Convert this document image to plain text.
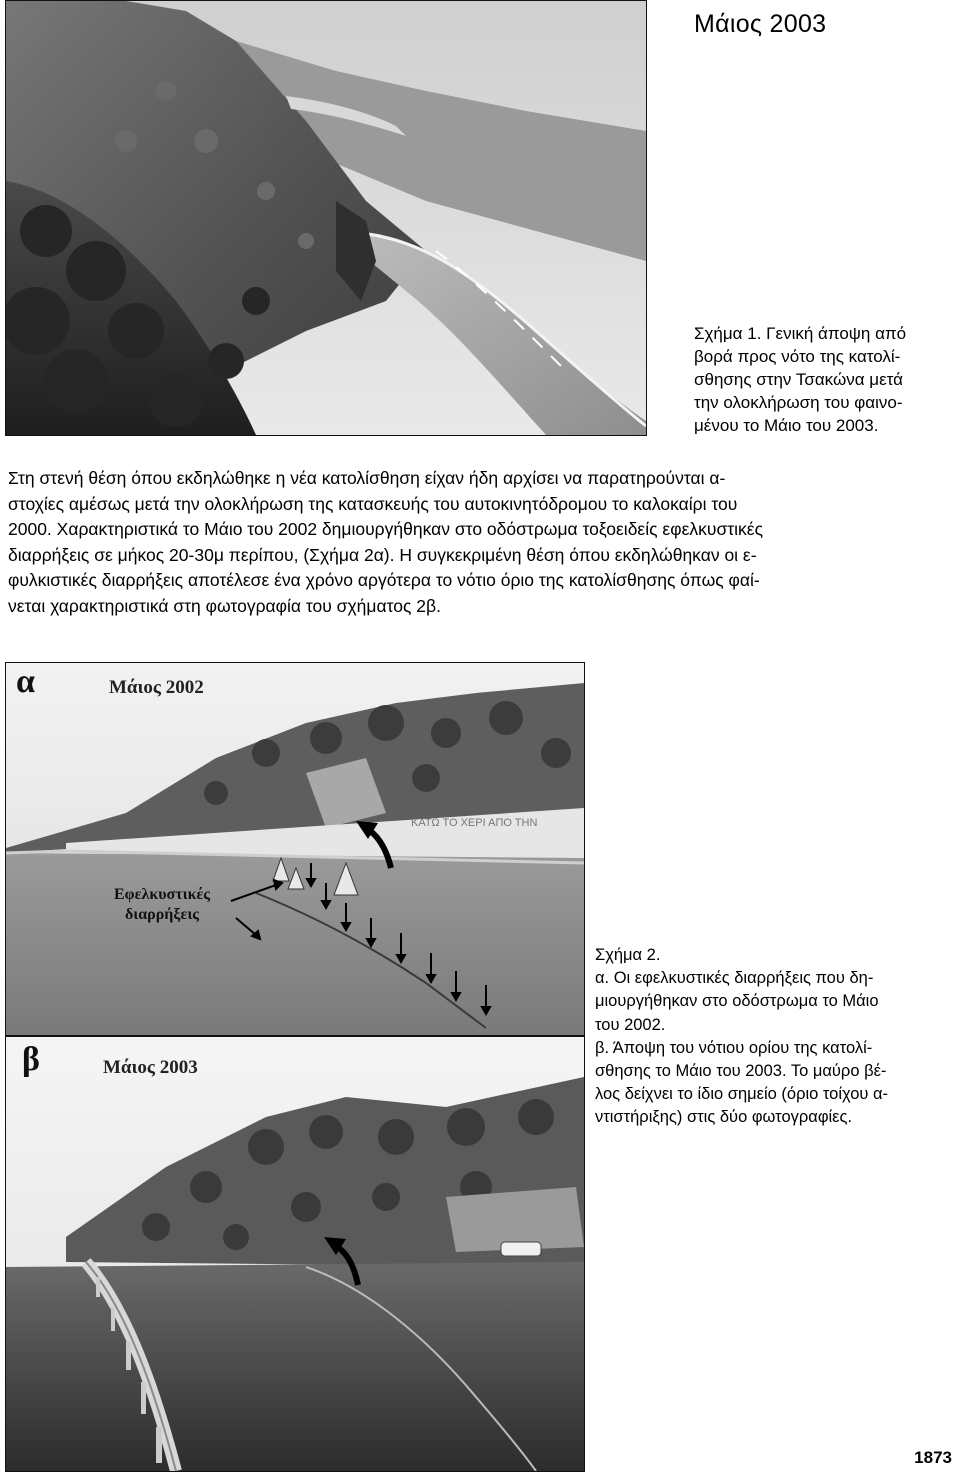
Μάιος 2003
Σχήμα 1. Γενική άποψη από
βορά προς νότο της κατολί-
σθησης στην Τσακώνα μετά
την ολοκλήρωση του φαινο-
μένου το Μάιο του 2003.
Στη στενή θέση όπου εκδηλώθηκε η νέα κατολίσθηση είχαν ήδη αρχίσει να παρατηρούνται α-
στοχίες αμέσως μετά την ολοκλήρωση της κατασκευής του αυτοκινητόδρομου το καλοκαίρι του
2000. Χαρακτηριστικά το Μάιο του 2002 δημιουργήθηκαν στο οδόστρωμα τοξοειδείς εφελκυστικές
διαρρήξεις σε μήκος 20-30μ περίπου, (Σχήμα 2α). Η συγκεκριμένη θέση όπου εκδηλώθηκαν οι ε-
φυλκιστικές διαρρήξεις αποτέλεσε ένα χρόνο αργότερα το νότιο όριο της κατολίσθησης όπως φαί-
νεται χαρακτηριστικά στη φωτογραφία του σχήματος 2β.
ΚΑΤΩ ΤΟ ΧΕΡΙ ΑΠΟ ΤΗΝ
α	Μάιος 2002
Εφελκυστικές
διαρρήξεις
β	Μάιος 2003
Σχήμα 2.
α. Οι εφελκυστικές διαρρήξεις που δη-
μιουργήθηκαν στο οδόστρωμα το Μάιο
του 2002.
β. Άποψη του νότιου ορίου της κατολί-
σθησης το Μάιο του 2003. Το μαύρο βέ-
λος δείχνει το ίδιο σημείο (όριο τοίχου α-
ντιστήριξης) στις δύο φωτογραφίες.
1873
